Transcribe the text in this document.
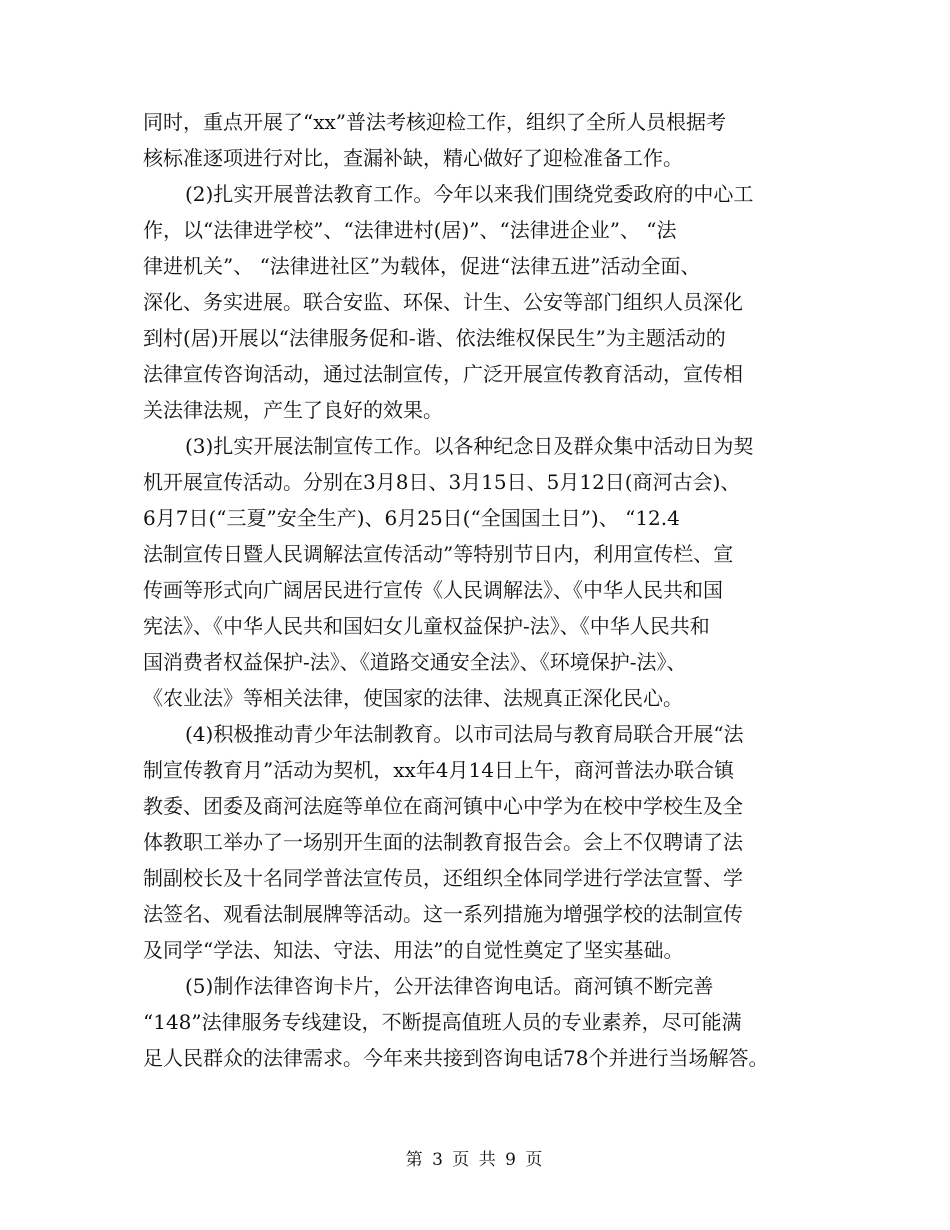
同时，重点开展了“xx”普法考核迎检工作，组织了全所人员根据考
核标准逐项进行对比，查漏补缺，精心做好了迎检准备工作。
(2)扎实开展普法教育工作。今年以来我们围绕党委政府的中心工
作，以“法律进学校”、“法律进村(居)”、“法律进企业”、 “法
律进机关”、 “法律进社区”为载体，促进“法律五进”活动全面、
深化、务实进展。联合安监、环保、计生、公安等部门组织人员深化
到村(居)开展以“法律服务促和-谐、依法维权保民生”为主题活动的
法律宣传咨询活动，通过法制宣传，广泛开展宣传教育活动，宣传相
关法律法规，产生了良好的效果。
(3)扎实开展法制宣传工作。以各种纪念日及群众集中活动日为契
机开展宣传活动。分别在3月8日、3月15日、5月12日(商河古会)、
6月7日(“三夏”安全生产)、6月25日(“全国国土日”)、 “12.4
法制宣传日暨人民调解法宣传活动”等特别节日内，利用宣传栏、宣
传画等形式向广阔居民进行宣传《人民调解法》、《中华人民共和国
宪法》、《中华人民共和国妇女儿童权益保护-法》、《中华人民共和
国消费者权益保护-法》、《道路交通安全法》、《环境保护-法》、
《农业法》等相关法律，使国家的法律、法规真正深化民心。
(4)积极推动青少年法制教育。以市司法局与教育局联合开展“法
制宣传教育月”活动为契机，xx年4月14日上午，商河普法办联合镇
教委、团委及商河法庭等单位在商河镇中心中学为在校中学校生及全
体教职工举办了一场别开生面的法制教育报告会。会上不仅聘请了法
制副校长及十名同学普法宣传员，还组织全体同学进行学法宣誓、学
法签名、观看法制展牌等活动。这一系列措施为增强学校的法制宣传
及同学“学法、知法、守法、用法”的自觉性奠定了坚实基础。
(5)制作法律咨询卡片，公开法律咨询电话。商河镇不断完善
“148”法律服务专线建设，不断提高值班人员的专业素养，尽可能满
足人民群众的法律需求。今年来共接到咨询电话78个并进行当场解答。
第 3 页 共 9 页
